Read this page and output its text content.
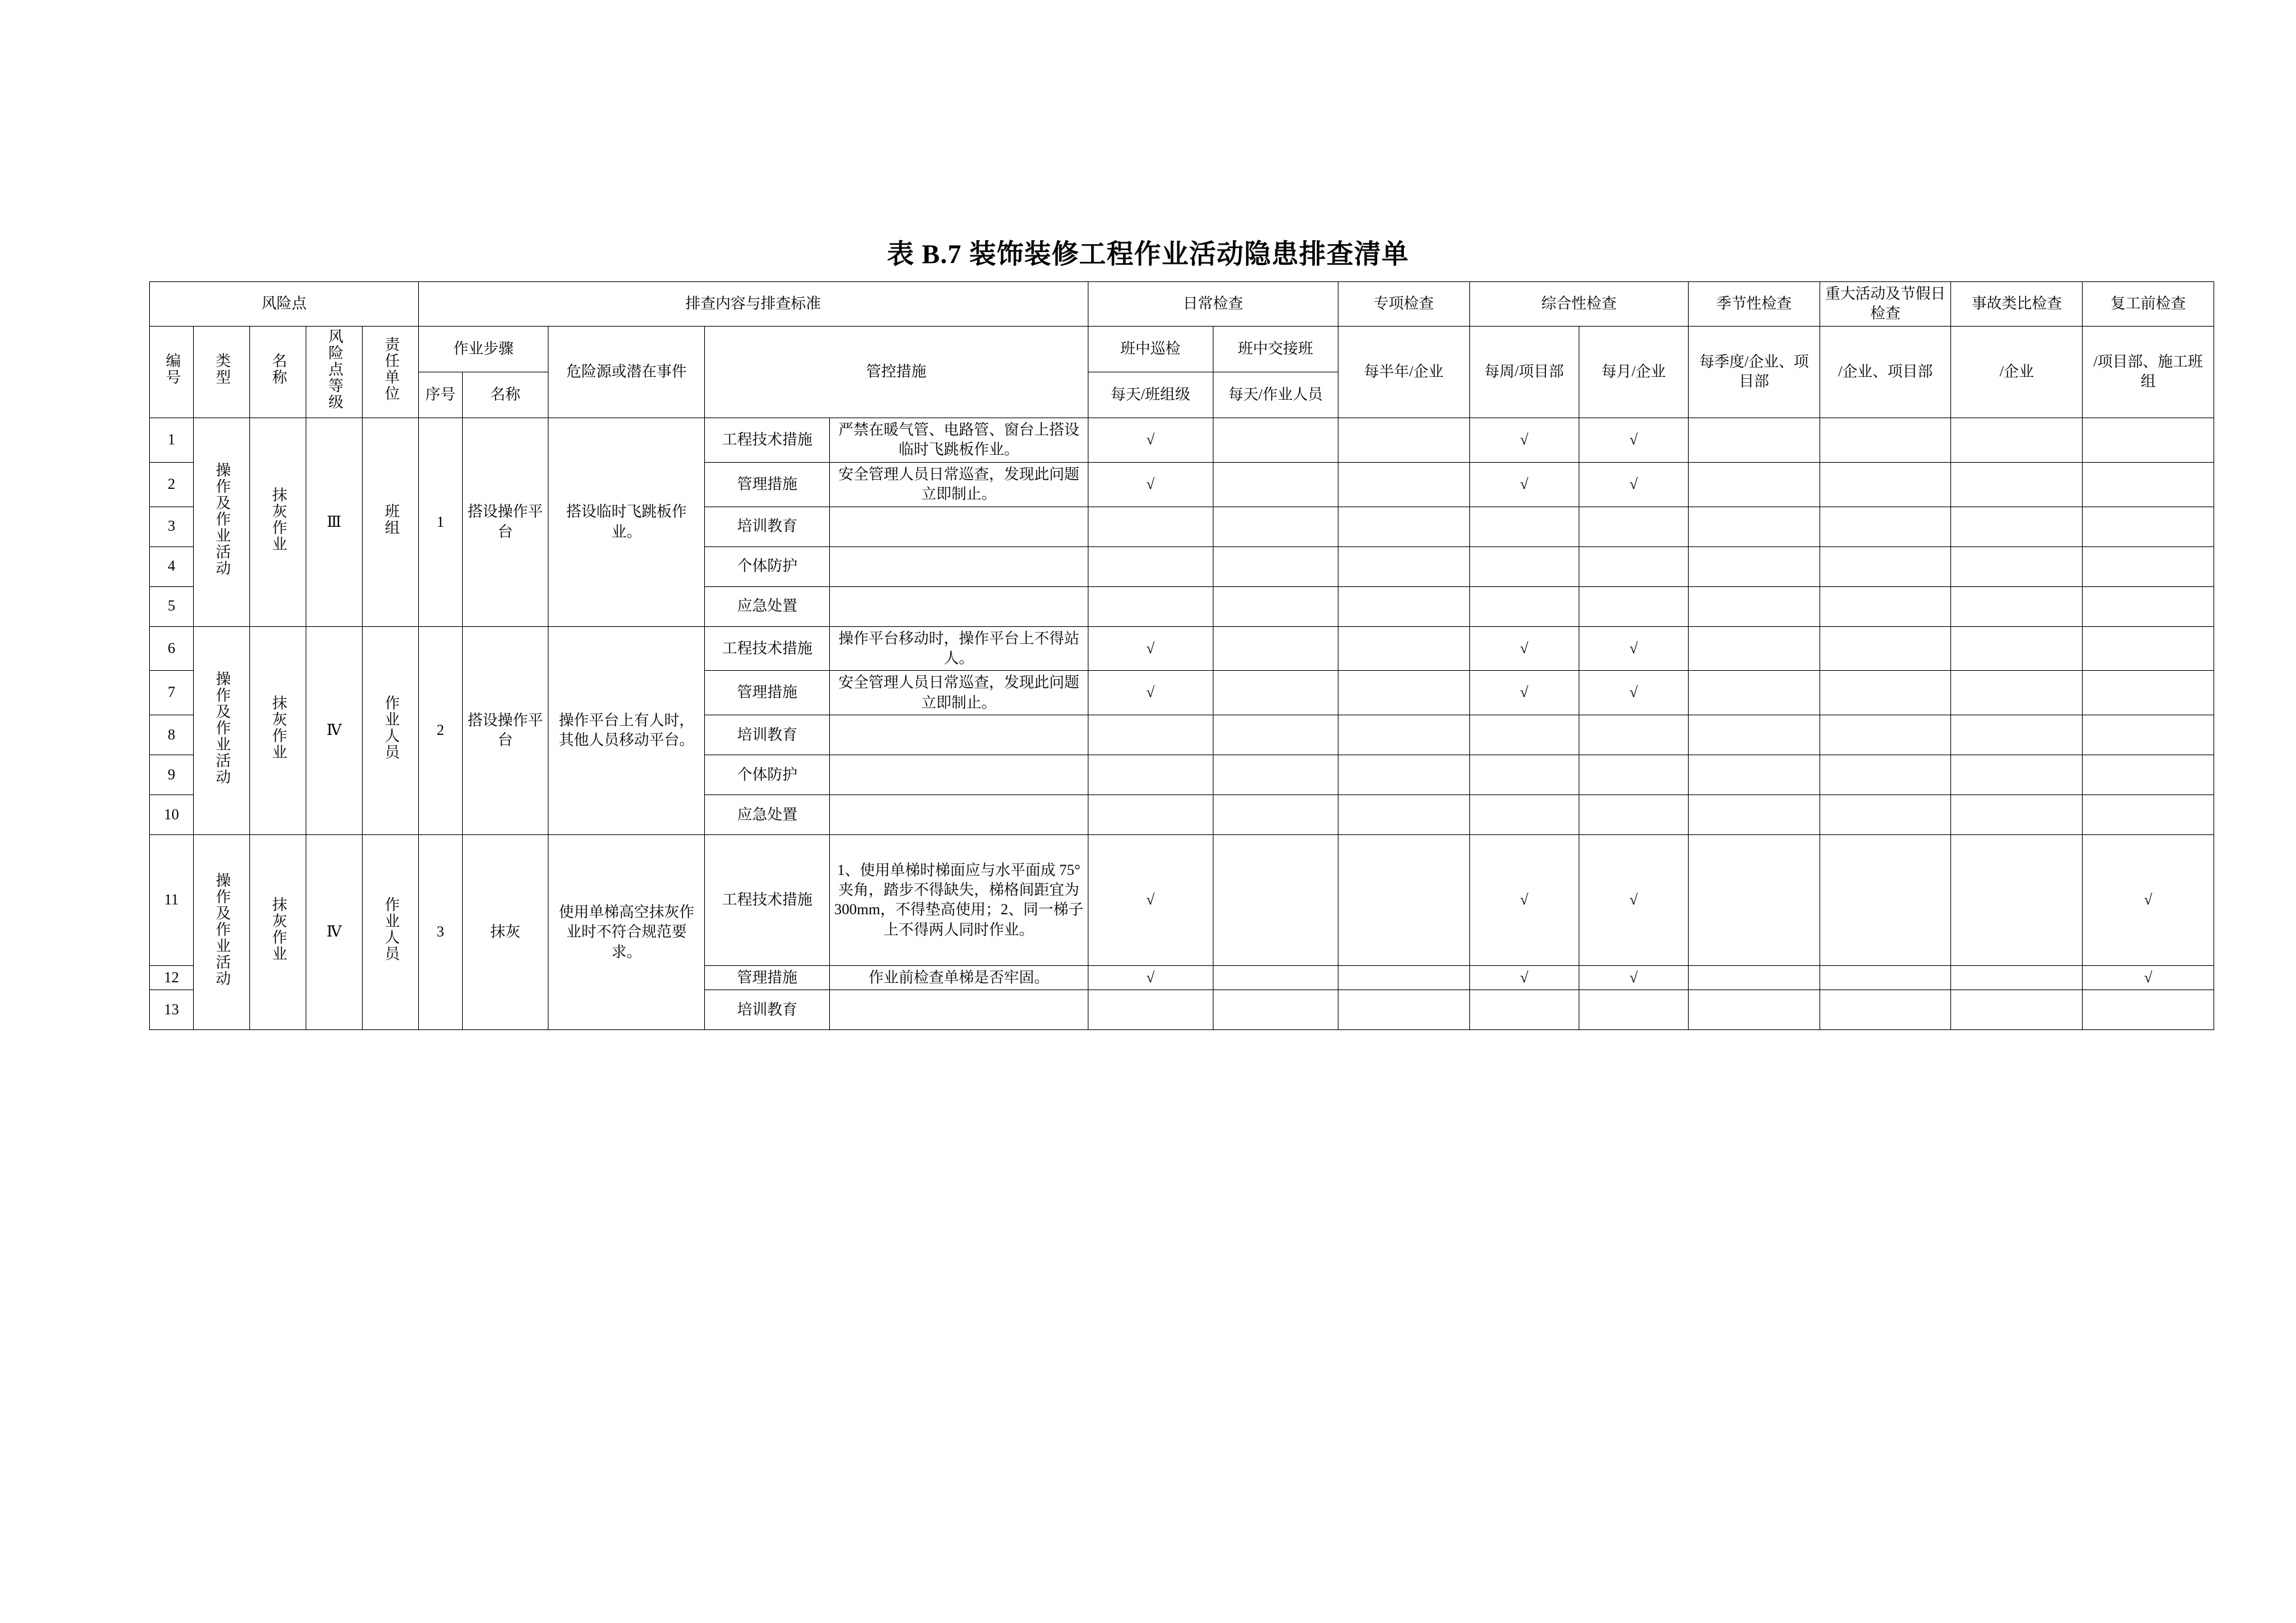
表 B.7 装饰装修工程作业活动隐患排查清单
风险点					排查内容与排查标准					日常检查		专项检查	综合性检查		季节性检查	重大活动及节假日检查	事故类比检查	复工前检查

编号	类型	名称	风险点等级	责任单位	作业步骤		危险源或潜在事件	管控措施		班中巡检	班中交接班	每半年/企业	每周/项目部	每月/企业	每季度/企业、项目部	/企业、项目部	/企业	/项目部、施工班组
					序号	名称				每天/班组级	每天/作业人员							
1	操作及作业活动	抹灰作业	Ⅲ	班组	1	搭设操作平台	搭设临时飞跳板作业。	工程技术措施	严禁在暖气管、电路管、窗台上搭设临时飞跳板作业。	√			√	√				
2								管理措施	安全管理人员日常巡查，发现此问题立即制止。	√			√	√				
3								培训教育										
4								个体防护										
5								应急处置										
6	操作及作业活动	抹灰作业	Ⅳ	作业人员	2	搭设操作平台	操作平台上有人时，其他人员移动平台。	工程技术措施	操作平台移动时，操作平台上不得站人。	√			√	√				
7								管理措施	安全管理人员日常巡查，发现此问题立即制止。	√			√	√				
8								培训教育										
9								个体防护										
10								应急处置										
11	操作及作业活动	抹灰作业	Ⅳ	作业人员	3	抹灰	使用单梯高空抹灰作业时不符合规范要求。	工程技术措施	1、使用单梯时梯面应与水平面成 75°夹角，踏步不得缺失，梯格间距宜为 300mm，不得垫高使用；2、同一梯子上不得两人同时作业。	√			√	√				√
12								管理措施	作业前检查单梯是否牢固。	√			√	√				√
13								培训教育										
